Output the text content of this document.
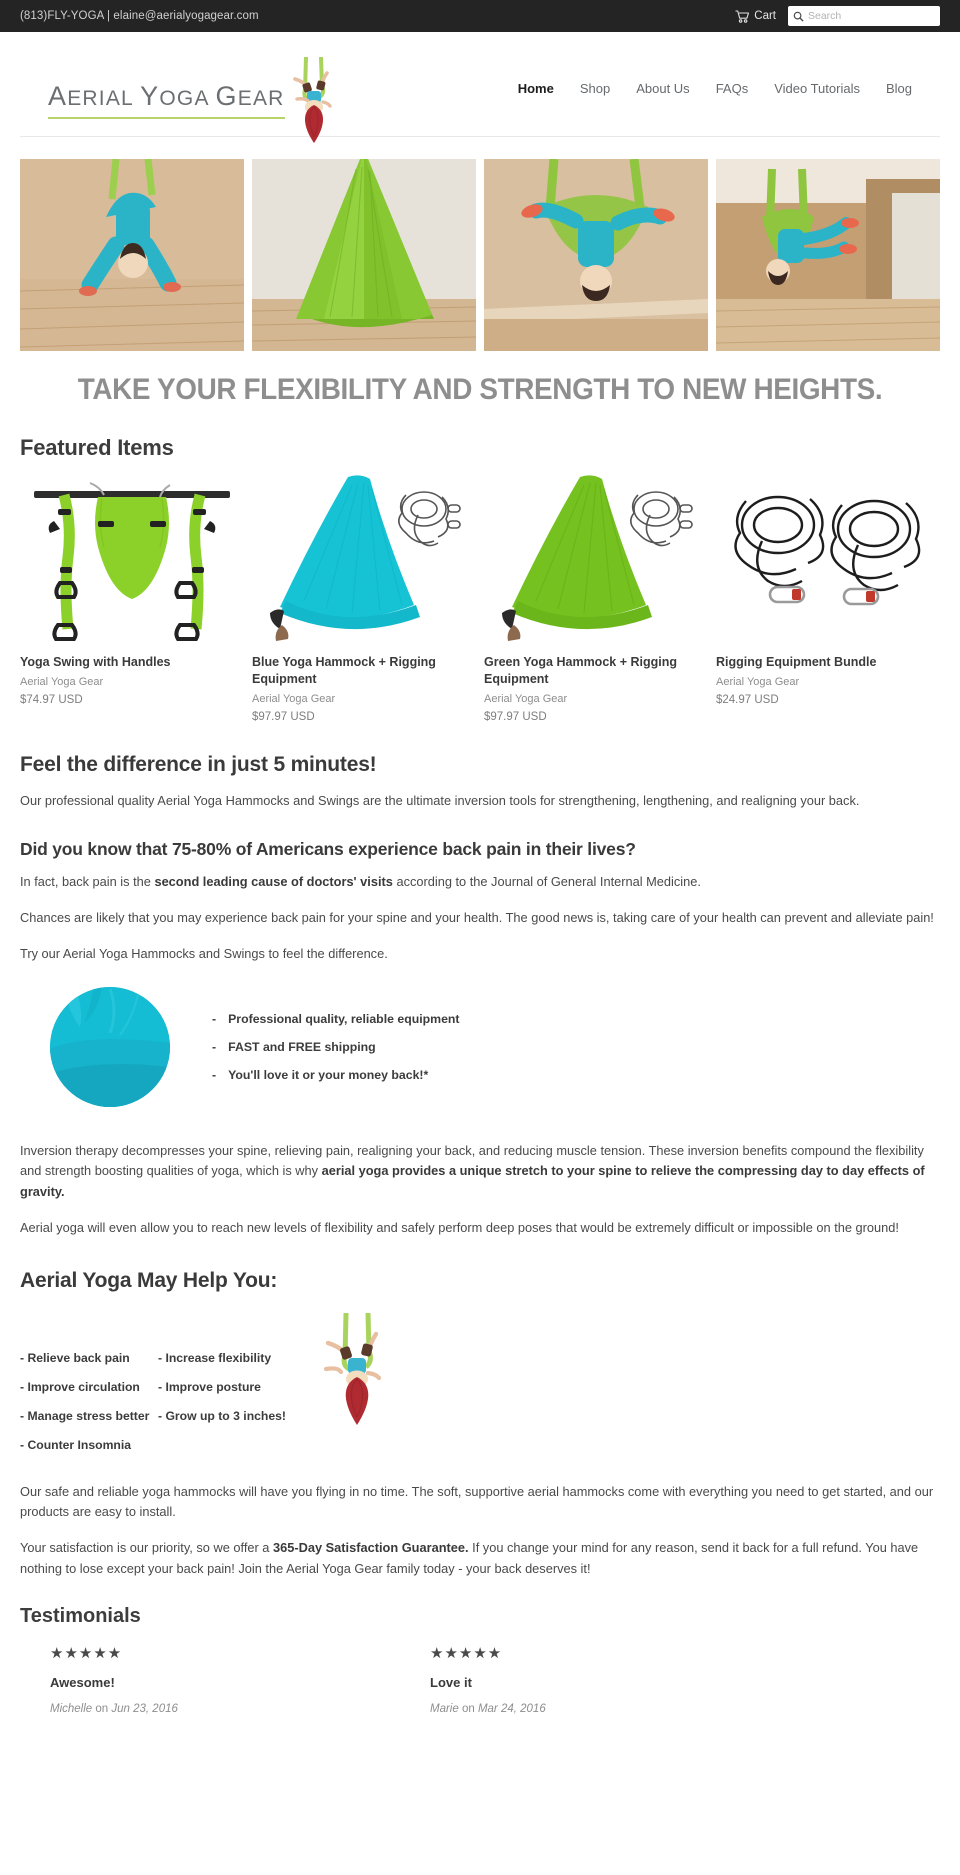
(813)FLY-YOGA | elaine@aerialyogagear.com	Cart
Search
AERIAL YOGA GEAR	Home Shop About Us FAQs Video Tutorials Blog
TAKE YOUR FLEXIBILITY AND STRENGTH TO NEW HEIGHTS.
Featured Items
Yoga Swing with Handles
Aerial Yoga Gear
$74.97 USD
Blue Yoga Hammock + Rigging Equipment
Aerial Yoga Gear
$97.97 USD
Green Yoga Hammock + Rigging Equipment
Aerial Yoga Gear
$97.97 USD
Rigging Equipment Bundle
Aerial Yoga Gear
$24.97 USD
Feel the difference in just 5 minutes!

Our professional quality Aerial Yoga Hammocks and Swings are the ultimate inversion tools for strengthening, lengthening, and realigning your back.

Did you know that 75-80% of Americans experience back pain in their lives?

In fact, back pain is the second leading cause of doctors' visits according to the Journal of General Internal Medicine.

Chances are likely that you may experience back pain for your spine and your health. The good news is, taking care of your health can prevent and alleviate pain!

Try our Aerial Yoga Hammocks and Swings to feel the difference.

- Professional quality, reliable equipment
- FAST and FREE shipping
- You'll love it or your money back!*

Inversion therapy decompresses your spine, relieving pain, realigning your back, and reducing muscle tension. These inversion benefits compound the flexibility and strength boosting qualities of yoga, which is why aerial yoga provides a unique stretch to your spine to relieve the compressing day to day effects of gravity.

Aerial yoga will even allow you to reach new levels of flexibility and safely perform deep poses that would be extremely difficult or impossible on the ground!

Aerial Yoga May Help You:
- Relieve back pain
- Improve circulation
- Manage stress better
- Counter Insomnia
- Increase flexibility
- Improve posture
- Grow up to 3 inches!

Our safe and reliable yoga hammocks will have you flying in no time. The soft, supportive aerial hammocks come with everything you need to get started, and our products are easy to install.

Your satisfaction is our priority, so we offer a 365-Day Satisfaction Guarantee. If you change your mind for any reason, send it back for a full refund. You have nothing to lose except your back pain! Join the Aerial Yoga Gear family today - your back deserves it!

Testimonials
★★★★★
Awesome!
Michelle on Jun 23, 2016
★★★★★
Love it
Marie on Mar 24, 2016
